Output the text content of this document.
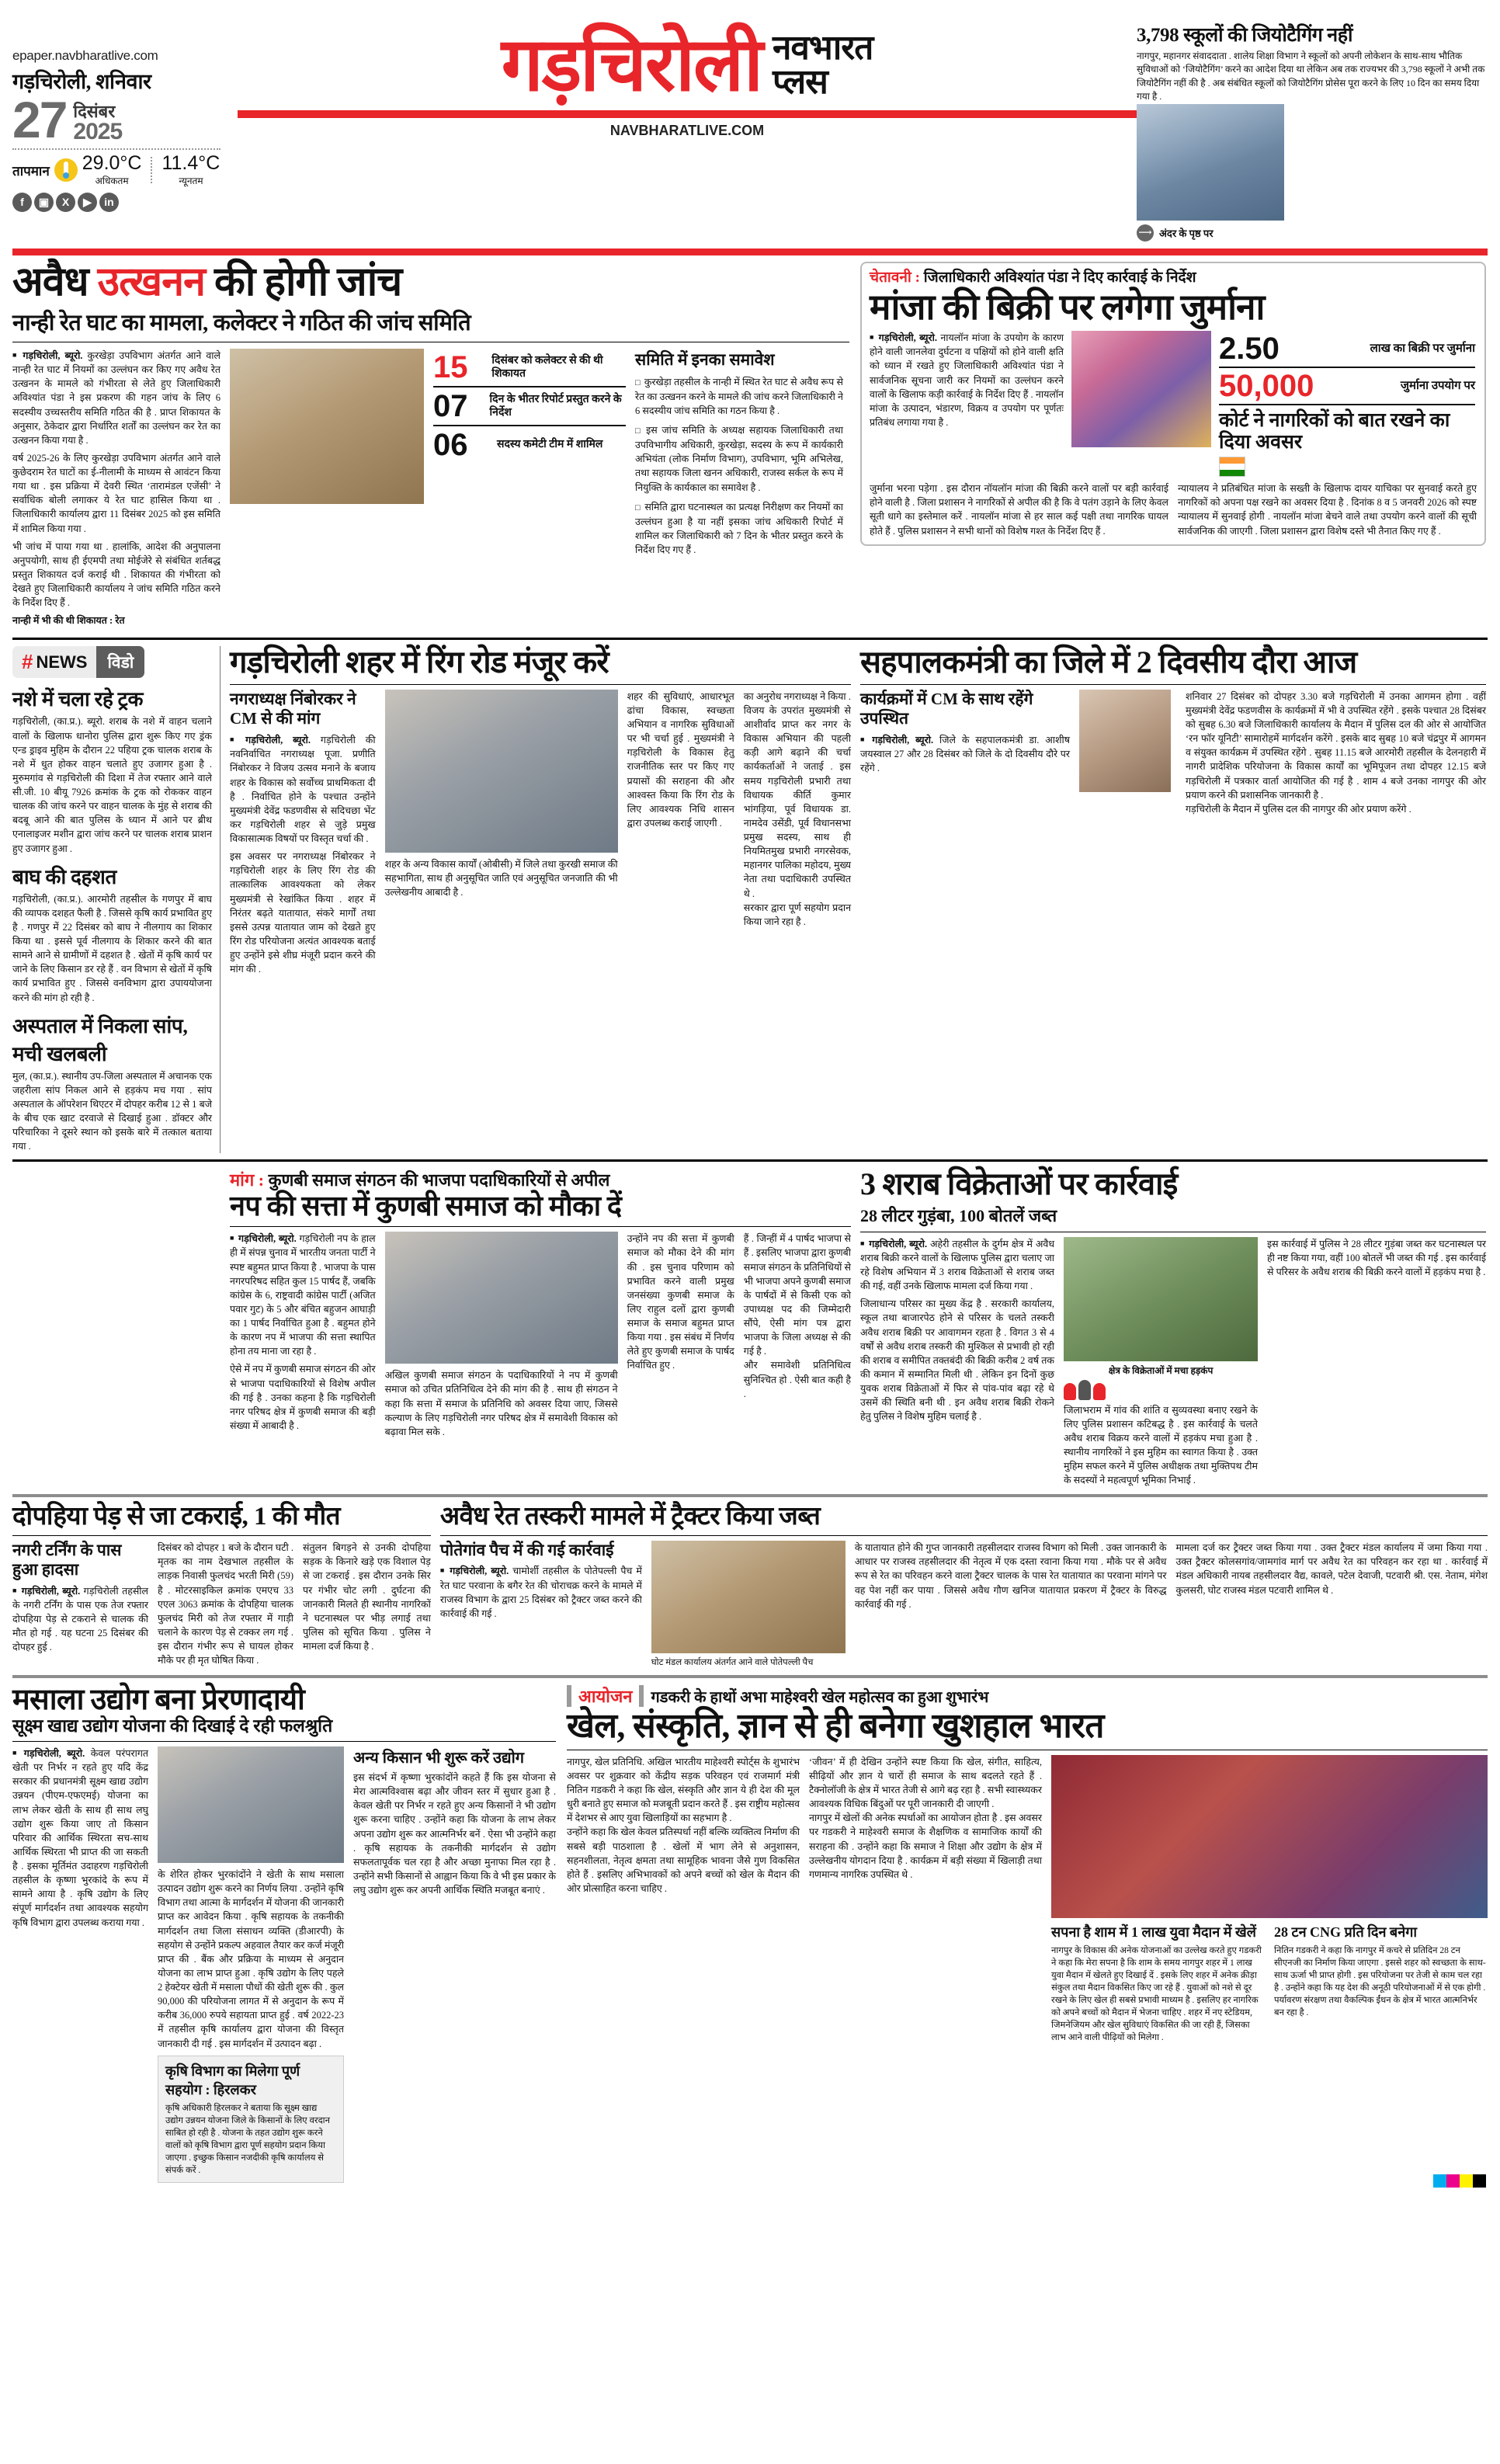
epaper.navbharatlive.com
गड़चिरोली, शनिवार
27 दिसंबर
2025
तापमान 29.0°C
अधिकतम
11.4°C
न्यूनतम
f	▣	X	▶	in
गड़चिरोली नवभारत
प्लस
NAVBHARATLIVE.COM
3,798 स्कूलों की जियोटैगिंग नहीं
नागपुर, महानगर संवाददाता . शालेय शिक्षा विभाग ने स्कूलों को अपनी लोकेशन के साथ-साथ भौतिक सुविधाओं को ‘जियोटैगिंग’ करने का आदेश दिया था लेकिन अब तक राज्यभर की 3,798 स्कूलों ने अभी तक जियोटैगिंग नहीं की है . अब संबंधित स्कूलों को जियोटैगिंग प्रोसेस पूरा करने के लिए 10 दिन का समय दिया गया है .
⟶ अंदर के पृष्ठ पर
अवैध उत्खनन की होगी जांच
नान्ही रेत घाट का मामला, कलेक्टर ने गठित की जांच समिति

■ गड़चिरोली, ब्यूरो. कुरखेड़ा उपविभाग अंतर्गत आने वाले नान्ही रेत घाट में नियमों का उल्लंघन कर किए गए अवैध रेत उत्खनन के मामले को गंभीरता से लेते हुए जिलाधिकारी अविश्यांत पंडा ने इस प्रकरण की गहन जांच के लिए 6 सदस्यीय उच्चस्तरीय समिति गठित की है . प्राप्त शिकायत के अनुसार, ठेकेदार द्वारा निर्धारित शर्तों का उल्लंघन कर रेत का उत्खनन किया गया है .

वर्ष 2025-26 के लिए कुरखेड़ा उपविभाग अंतर्गत आने वाले कुछेदराम रेत घाटों का ई-नीलामी के माध्यम से आवंटन किया गया था . इस प्रक्रिया में देवरी स्थित ‘तारामंडल एजेंसी’ ने सर्वाधिक बोली लगाकर ये रेत घाट हासिल किया था . जिलाधिकारी कार्यालय द्वारा 11 दिसंबर 2025 को इस समिति में शामिल किया गया .

भी जांच में पाया गया था . हालांकि, आदेश की अनुपालना अनुपयोगी, साथ ही ईएमपी तथा मोईजेरे से संबंधित शर्तबद्ध प्रस्तुत शिकायत दर्ज कराई थी . शिकायत की गंभीरता को देखते हुए जिलाधिकारी कार्यालय ने जांच समिति गठित करने के निर्देश दिए हैं .

नान्ही में भी की थी शिकायत : रेत

15	दिसंबर को कलेक्टर से की थी शिकायत
07	दिन के भीतर रिपोर्ट प्रस्तुत करने के निर्देश
06	सदस्य कमेटी टीम में शामिल
समिति में इनका समावेश
□ कुरखेड़ा तहसील के नान्ही में स्थित रेत घाट से अवैध रूप से रेत का उत्खनन करने के मामले की जांच करने जिलाधिकारी ने 6 सदस्यीय जांच समिति का गठन किया है .
□ इस जांच समिति के अध्यक्ष सहायक जिलाधिकारी तथा उपविभागीय अधिकारी, कुरखेड़ा, सदस्य के रूप में कार्यकारी अभियंता (लोक निर्माण विभाग), उपविभाग, भूमि अभिलेख, तथा सहायक जिला खनन अधिकारी, राजस्व सर्कल के रूप में नियुक्ति के कार्यकाल का समावेश है .
□ समिति द्वारा घटनास्थल का प्रत्यक्ष निरीक्षण कर नियमों का उल्लंघन हुआ है या नहीं इसका जांच अधिकारी रिपोर्ट में शामिल कर जिलाधिकारी को 7 दिन के भीतर प्रस्तुत करने के निर्देश दिए गए हैं .
चेतावनी : जिलाधिकारी अविश्यांत पंडा ने दिए कार्रवाई के निर्देश
मांजा की बिक्री पर लगेगा जुर्माना

■ गड़चिरोली, ब्यूरो. नायलॉन मांजा के उपयोग के कारण होने वाली जानलेवा दुर्घटना व पक्षियों को होने वाली क्षति को ध्यान में रखते हुए जिलाधिकारी अविश्यांत पंडा ने सार्वजनिक सूचना जारी कर नियमों का उल्लंघन करने वालों के खिलाफ कड़ी कार्रवाई के निर्देश दिए हैं . नायलॉन मांजा के उत्पादन, भंडारण, विक्रय व उपयोग पर पूर्णतः प्रतिबंध लगाया गया है .

2.50	लाख का बिक्री पर जुर्माना
50,000	जुर्माना उपयोग पर
कोर्ट ने नागरिकों को बात रखने का दिया अवसर
जुर्माना भरना पड़ेगा . इस दौरान नॉयलॉन मांजा की बिक्री करने वालों पर बड़ी कार्रवाई होने वाली है . जिला प्रशासन ने नागरिकों से अपील की है कि वे पतंग उड़ाने के लिए केवल सूती धागे का इस्तेमाल करें . नायलॉन मांजा से हर साल कई पक्षी तथा नागरिक घायल होते हैं . पुलिस प्रशासन ने सभी थानों को विशेष गश्त के निर्देश दिए हैं .
न्यायालय ने प्रतिबंधित मांजा के सख्ती के खिलाफ दायर याचिका पर सुनवाई करते हुए नागरिकों को अपना पक्ष रखने का अवसर दिया है . दिनांक 8 व 5 जनवरी 2026 को स्पष्ट न्यायालय में सुनवाई होगी . नायलॉन मांजा बेचने वाले तथा उपयोग करने वालों की सूची सार्वजनिक की जाएगी . जिला प्रशासन द्वारा विशेष दस्ते भी तैनात किए गए हैं .
# NEWS	विडो
नशे में चला रहे ट्रक
गड़चिरोली, (का.प्र.). ब्यूरो. शराब के नशे में वाहन चलाने वालों के खिलाफ धानोरा पुलिस द्वारा शुरू किए गए ड्रंक एन्ड ड्राइव मुहिम के दौरान 22 पहिया ट्रक चालक शराब के नशे में धुत होकर वाहन चलाते हुए उजागर हुआ है . मुरुमगांव से गड़चिरोली की दिशा में तेज रफ्तार आने वाले सी.जी. 10 बीयू 7926 क्रमांक के ट्रक को रोककर वाहन चालक की जांच करने पर वाहन चालक के मुंह से शराब की बदबू आने की बात पुलिस के ध्यान में आने पर ब्रीथ एनालाइजर मशीन द्वारा जांच करने पर चालक शराब प्राशन हुए उजागर हुआ .
बाघ की दहशत
गड़चिरोली, (का.प्र.). आरमोरी तहसील के गणपुर में बाघ की व्यापक दशहत फैली है . जिससे कृषि कार्य प्रभावित हुए है . गणपुर में 22 दिसंबर को बाघ ने नीलगाय का शिकार किया था . इससे पूर्व नीलगाय के शिकार करने की बात सामने आने से ग्रामीणों में दहशत है . खेतों में कृषि कार्य पर जाने के लिए किसान डर रहे हैं . वन विभाग से खेतों में कृषि कार्य प्रभावित हुए . जिससे वनविभाग द्वारा उपाययोजना करने की मांग हो रही है .
अस्पताल में निकला सांप, मची खलबली
मुल, (का.प्र.). स्थानीय उप-जिला अस्पताल में अचानक एक जहरीला सांप निकल आने से हड़कंप मच गया . सांप अस्पताल के ऑपरेशन थिएटर में दोपहर करीब 12 से 1 बजे के बीच एक खाट दरवाजे से दिखाई हुआ . डॉक्टर और परिचारिका ने दूसरे स्थान को इसके बारे में तत्काल बताया गया .
गड़चिरोली शहर में रिंग रोड मंजूर करें
नगराध्यक्ष निंबोरकर ने CM से की मांग

■ गड़चिरोली, ब्यूरो. गड़चिरोली की नवनिर्वाचित नगराध्यक्ष पूजा. प्रणीति निंबोरकर ने विजय उत्सव मनाने के बजाय शहर के विकास को सर्वोच्च प्राथमिकता दी है . निर्वाचित होने के पश्चात उन्होंने मुख्यमंत्री देवेंद्र फडणवीस से सदिचछा भेंट कर गड़चिरोली शहर से जुड़े प्रमुख विकासात्मक विषयों पर विस्तृत चर्चा की .

इस अवसर पर नगराध्यक्ष निंबोरकर ने गड़चिरोली शहर के लिए रिंग रोड की तात्कालिक आवश्यकता को लेकर मुख्यमंत्री से रेखांकित किया . शहर में निरंतर बढ़ते यातायात, संकरे मार्गों तथा इससे उत्पन्न यातायात जाम को देखते हुए रिंग रोड परियोजना अत्यंत आवश्यक बताई हुए उन्होंने इसे शीघ्र मंजूरी प्रदान करने की मांग की .

शहर के अन्य विकास कार्यों (ओबीसी) में जिले तथा कुरखी समाज की सहभागिता, साथ ही अनुसूचित जाति एवं अनुसूचित जनजाति की भी उल्लेखनीय आबादी है .
शहर की सुविधाएं, आधारभूत ढांचा विकास, स्वच्छता अभियान व नागरिक सुविधाओं पर भी चर्चा हुई . मुख्यमंत्री ने गड़चिरोली के विकास हेतु राजनीतिक स्तर पर किए गए प्रयासों की सराहना की और आश्वस्त किया कि रिंग रोड के लिए आवश्यक निधि शासन द्वारा उपलब्ध कराई जाएगी .
का अनुरोध नगराध्यक्ष ने किया . विजय के उपरांत मुख्यमंत्री से आशीर्वाद प्राप्त कर नगर के विकास अभियान की पहली कड़ी आगे बढ़ाने की चर्चा कार्यकर्ताओं ने जताई . इस समय गड़चिरोली प्रभारी तथा विधायक कीर्ति कुमार भांगड़िया, पूर्व विधायक डा. नामदेव उसेंडी, पूर्व विधानसभा प्रमुख सदस्य, साथ ही नियमितमुख प्रभारी नगरसेवक, महानगर पालिका महोदय, मुख्य नेता तथा पदाधिकारी उपस्थित थे .
सरकार द्वारा पूर्ण सहयोग प्रदान किया जाने रहा है .
सहपालकमंत्री का जिले में 2 दिवसीय दौरा आज
कार्यक्रमों में CM के साथ रहेंगे उपस्थित

■ गड़चिरोली, ब्यूरो. जिले के सहपालकमंत्री डा. आशीष जयस्वाल 27 और 28 दिसंबर को जिले के दो दिवसीय दौरे पर रहेंगे .

शनिवार 27 दिसंबर को दोपहर 3.30 बजे गड़चिरोली में उनका आगमन होगा . वहीं मुख्यमंत्री देवेंद्र फडणवीस के कार्यक्रमों में भी वे उपस्थित रहेंगे . इसके पश्चात 28 दिसंबर को सुबह 6.30 बजे जिलाधिकारी कार्यालय के मैदान में पुलिस दल की ओर से आयोजित ‘रन फॉर यूनिटी’ सामारोहमें मार्गदर्शन करेंगे . इसके बाद सुबह 10 बजे चंद्रपुर में आगमन व संयुक्त कार्यक्रम में उपस्थित रहेंगे . सुबह 11.15 बजे आरमोरी तहसील के देलनहारी में नागरी प्रादेशिक परियोजना के विकास कार्यों का भूमिपूजन तथा दोपहर 12.15 बजे गड़चिरोली में पत्रकार वार्ता आयोजित की गई है . शाम 4 बजे उनका नागपुर की ओर प्रयाण करने की प्रशासनिक जानकारी है .
गड़चिरोली के मैदान में पुलिस दल की नागपुर की ओर प्रयाण करेंगे .
मांग : कुणबी समाज संगठन की भाजपा पदाधिकारियों से अपील
नप की सत्ता में कुणबी समाज को मौका दें

■ गड़चिरोली, ब्यूरो. गड़चिरोली नप के हाल ही में संपन्न चुनाव में भारतीय जनता पार्टी ने स्पष्ट बहुमत प्राप्त किया है . भाजपा के पास नगरपरिषद सहित कुल 15 पार्षद हैं, जबकि कांग्रेस के 6, राष्ट्रवादी कांग्रेस पार्टी (अजित पवार गुट) के 5 और बंचित बहुजन आघाड़ी का 1 पार्षद निर्वाचित हुआ है . बहुमत होने के कारण नप में भाजपा की सत्ता स्थापित होना तय माना जा रहा है .

ऐसे में नप में कुणबी समाज संगठन की ओर से भाजपा पदाधिकारियों से विशेष अपील की गई है . उनका कहना है कि गड़चिरोली नगर परिषद क्षेत्र में कुणबी समाज की बड़ी संख्या में आबादी है .

अखिल कुणबी समाज संगठन के पदाधिकारियों ने नप में कुणबी समाज को उचित प्रतिनिधित्व देने की मांग की है . साथ ही संगठन ने कहा कि सत्ता में समाज के प्रतिनिधि को अवसर दिया जाए, जिससे कल्याण के लिए गड़चिरोली नगर परिषद क्षेत्र में समावेशी विकास को बढ़ावा मिल सके .
उन्होंने नप की सत्ता में कुणबी समाज को मौका देने की मांग की . इस चुनाव परिणाम को प्रभावित करने वाली प्रमुख जनसंख्या कुणबी समाज के लिए राहुल दलों द्वारा कुणबी समाज के समाज बहुमत प्राप्त किया गया . इस संबंध में निर्णय लेते हुए कुणबी समाज के पार्षद निर्वाचित हुए .
हैं . जिन्हीं में 4 पार्षद भाजपा से हैं . इसलिए भाजपा द्वारा कुणबी समाज संगठन के प्रतिनिधियों से भी भाजपा अपने कुणबी समाज के पार्षदों में से किसी एक को उपाध्यक्ष पद की जिम्मेदारी सौंपे, ऐसी मांग पत्र द्वारा भाजपा के जिला अध्यक्ष से की गई है .
और समावेशी प्रतिनिधित्व सुनिश्चित हो . ऐसी बात कही है .
3 शराब विक्रेताओं पर कार्रवाई
28 लीटर गुड़ंबा, 100 बोतलें जब्त

■ गड़चिरोली, ब्यूरो. अहेरी तहसील के दुर्गम क्षेत्र में अवैध शराब बिक्री करने वालों के खिलाफ पुलिस द्वारा चलाए जा रहे विशेष अभियान में 3 शराब विक्रेताओं से शराब जब्त की गई, वहीं उनके खिलाफ मामला दर्ज किया गया .

जिलाधान्य परिसर का मुख्य केंद्र है . सरकारी कार्यालय, स्कूल तथा बाजारपेठ होने से परिसर के चलते तस्करी अवैध शराब बिक्री पर आवागमन रहता है . विगत 3 से 4 वर्षों से अवैध शराब तस्करी की मुश्किल से प्रभावी हो रही की शराब व समीपित तक्तबंदी की बिक्री करीब 2 वर्ष तक की कमान में सम्मानित मिली थी . लेकिन इन दिनों कुछ युवक शराब विक्रेताओं में फिर से पांव-पांव बढ़ा रहे थे उसमें की स्थिति बनी थी . इन अवैध शराब बिक्री रोकने हेतु पुलिस ने विशेष मुहिम चलाई है .

क्षेत्र के विक्रेताओं में मचा हड़कंप
जिलाभराम में गांव की शांति व सुव्यवस्था बनाए रखने के लिए पुलिस प्रशासन कटिबद्ध है . इस कार्रवाई के चलते अवैध शराब विक्रय करने वालों में हड़कंप मचा हुआ है . स्थानीय नागरिकों ने इस मुहिम का स्वागत किया है . उक्त मुहिम सफल करने में पुलिस अधीक्षक तथा मुक्तिपथ टीम के सदस्यों ने महत्वपूर्ण भूमिका निभाई .
इस कार्रवाई में पुलिस ने 28 लीटर गुड़ंबा जब्त कर घटनास्थल पर ही नष्ट किया गया, वहीं 100 बोतलें भी जब्त की गई . इस कार्रवाई से परिसर के अवैध शराब की बिक्री करने वालों में हड़कंप मचा है .
दोपहिया पेड़ से जा टकराई, 1 की मौत
नगरी टर्निंग के पास हुआ हादसा

■ गड़चिरोली, ब्यूरो. गड़चिरोली तहसील के नगरी टर्निंग के पास एक तेज रफ्तार दोपहिया पेड़ से टकराने से चालक की मौत हो गई . यह घटना 25 दिसंबर की दोपहर हुई .

दिसंबर को दोपहर 1 बजे के दौरान घटी . मृतक का नाम देखभाल तहसील के लाड़क निवासी फुलचंद भरती मिरी (59) है . मोटरसाइकिल क्रमांक एमएच 33 एएल 3063 क्रमांक के दोपहिया चालक फुलचंद मिरी को तेज रफ्तार में गाड़ी चलाने के कारण पेड़ से टक्कर लग गई . इस दौरान गंभीर रूप से घायल होकर मौके पर ही मृत घोषित किया .
संतुलन बिगड़ने से उनकी दोपहिया सड़क के किनारे खड़े एक विशाल पेड़ से जा टकराई . इस दौरान उनके सिर पर गंभीर चोट लगी . दुर्घटना की जानकारी मिलते ही स्थानीय नागरिकों ने घटनास्थल पर भीड़ लगाई तथा पुलिस को सूचित किया . पुलिस ने मामला दर्ज किया है .
अवैध रेत तस्करी मामले में ट्रैक्टर किया जब्त
पोतेगांव पैच में की गई कार्रवाई

■ गड़चिरोली, ब्यूरो. चामोर्शी तहसील के पोतेपल्ली पैच में रेत घाट परवाना के बगैर रेत की चोराचक्र करने के मामले में राजस्व विभाग के द्वारा 25 दिसंबर को ट्रैक्टर जब्त करने की कार्रवाई की गई .

घोट मंडल कार्यालय अंतर्गत आने वाले पोतेपल्ली पैच
के यातायात होने की गुप्त जानकारी तहसीलदार राजस्व विभाग को मिली . उक्त जानकारी के आधार पर राजस्व तहसीलदार की नेतृत्व में एक दस्ता रवाना किया गया . मौके पर से अवैध रूप से रेत का परिवहन करने वाला ट्रैक्टर चालक के पास रेत यातायात का परवाना मांगने पर वह पेश नहीं कर पाया . जिससे अवैध गौण खनिज यातायात प्रकरण में ट्रैक्टर के विरुद्ध कार्रवाई की गई .
मामला दर्ज कर ट्रैक्टर जब्त किया गया . उक्त ट्रैक्टर मंडल कार्यालय में जमा किया गया . उक्त ट्रैक्टर कोलसगांव/जामगांव मार्ग पर अवैध रेत का परिवहन कर रहा था . कार्रवाई में मंडल अधिकारी नायब तहसीलदार वैद्य, कावले, पटेल देवाजी, पटवारी श्री. एस. नेताम, मंगेश कुलसरी, घोट राजस्व मंडल पटवारी शामिल थे .
मसाला उद्योग बना प्रेरणादायी
सूक्ष्म खाद्य उद्योग योजना की दिखाई दे रही फलश्रुति

■ गड़चिरोली, ब्यूरो. केवल परंपरागत खेती पर निर्भर न रहते हुए यदि केंद्र सरकार की प्रधानमंत्री सूक्ष्म खाद्य उद्योग उन्नयन (पीएम-एफएमई) योजना का लाभ लेकर खेती के साथ ही साथ लघु उद्योग शुरू किया जाए तो किसान परिवार की आर्थिक स्थिरता सच-साथ आर्थिक स्थिरता भी प्राप्त की जा सकती है . इसका मूर्तिमंत उदाहरण गड़चिरोली तहसील के कृष्णा भुरकांदे के रूप में सामने आया है . कृषि उद्योग के लिए संपूर्ण मार्गदर्शन तथा आवश्यक सहयोग कृषि विभाग द्वारा उपलब्ध कराया गया .

के शेरित होकर भुरकांदोंने ने खेती के साथ मसाला उत्पादन उद्योग शुरू करने का निर्णय लिया . उन्होंने कृषि विभाग तथा आत्मा के मार्गदर्शन में योजना की जानकारी प्राप्त कर आवेदन किया . कृषि सहायक के तकनीकी मार्गदर्शन तथा जिला संसाधन व्यक्ति (डीआरपी) के सहयोग से उन्होंने प्रकल्प अहवाल तैयार कर कर्ज मंजूरी प्राप्त की . बैंक और प्रक्रिया के माध्यम से अनुदान योजना का लाभ प्राप्त हुआ . कृषि उद्योग के लिए पहले 2 हेक्टेयर खेती में मसाला पौधों की खेती शुरू की . कुल 90,000 की परियोजना लागत में से अनुदान के रूप में करीब 36,000 रुपये सहायता प्राप्त हुई . वर्ष 2022-23 में तहसील कृषि कार्यालय द्वारा योजना की विस्तृत जानकारी दी गई . इस मार्गदर्शन में उत्पादन बढ़ा .
कृषि विभाग का मिलेगा पूर्ण सहयोग : हिरलकर
कृषि अधिकारी हिरलकर ने बताया कि सूक्ष्म खाद्य उद्योग उन्नयन योजना जिले के किसानों के लिए वरदान साबित हो रही है . योजना के तहत उद्योग शुरू करने वालों को कृषि विभाग द्वारा पूर्ण सहयोग प्रदान किया जाएगा . इच्छुक किसान नजदीकी कृषि कार्यालय से संपर्क करें .
अन्य किसान भी शुरू करें उद्योग
इस संदर्भ में कृष्णा भुरकांदोंने कहते हैं कि इस योजना से मेरा आत्मविश्वास बढ़ा और जीवन स्तर में सुधार हुआ है . केवल खेती पर निर्भर न रहते हुए अन्य किसानों ने भी उद्योग शुरू करना चाहिए . उन्होंने कहा कि योजना के लाभ लेकर अपना उद्योग शुरू कर आत्मनिर्भर बनें . ऐसा भी उन्होंने कहा . कृषि सहायक के तकनीकी मार्गदर्शन से उद्योग सफलतापूर्वक चल रहा है और अच्छा मुनाफा मिल रहा है . उन्होंने सभी किसानों से आह्वान किया कि वे भी इस प्रकार के लघु उद्योग शुरू कर अपनी आर्थिक स्थिति मजबूत बनाएं .
आयोजन गडकरी के हाथों अभा माहेश्वरी खेल महोत्सव का हुआ शुभारंभ
खेल, संस्कृति, ज्ञान से ही बनेगा खुशहाल भारत
नागपुर, खेल प्रतिनिधि. अखिल भारतीय माहेश्वरी स्पोर्ट्स के शुभारंभ अवसर पर शुक्रवार को केंद्रीय सड़क परिवहन एवं राजमार्ग मंत्री नितिन गडकरी ने कहा कि खेल, संस्कृति और ज्ञान ये ही देश की मूल धुरी बनाते हुए समाज को मजबूती प्रदान करते हैं . इस राष्ट्रीय महोत्सव में देशभर से आए युवा खिलाड़ियों का सहभाग है .
उन्होंने कहा कि खेल केवल प्रतिस्पर्धा नहीं बल्कि व्यक्तित्व निर्माण की सबसे बड़ी पाठशाला है . खेलों में भाग लेने से अनुशासन, सहनशीलता, नेतृत्व क्षमता तथा सामूहिक भावना जैसे गुण विकसित होते हैं . इसलिए अभिभावकों को अपने बच्चों को खेल के मैदान की ओर प्रोत्साहित करना चाहिए .
‘जीवन’ में ही देखिन उन्होंने स्पष्ट किया कि खेल, संगीत, साहित्य, सीढ़ियों और ज्ञान ये चारों ही समाज के साथ बदलते रहते हैं . टैक्नोलॉजी के क्षेत्र में भारत तेजी से आगे बढ़ रहा है . सभी स्वास्थ्यकर आवश्यक विधिक बिंदुओं पर पूरी जानकारी दी जाएगी .
नागपुर में खेलों की अनेक स्पर्धाओं का आयोजन होता है . इस अवसर पर गडकरी ने माहेश्वरी समाज के शैक्षणिक व सामाजिक कार्यों की सराहना की . उन्होंने कहा कि समाज ने शिक्षा और उद्योग के क्षेत्र में उल्लेखनीय योगदान दिया है . कार्यक्रम में बड़ी संख्या में खिलाड़ी तथा गणमान्य नागरिक उपस्थित थे .
सपना है शाम में 1 लाख युवा मैदान में खेलें
नागपुर के विकास की अनेक योजनाओं का उल्लेख करते हुए गडकरी ने कहा कि मेरा सपना है कि शाम के समय नागपुर शहर में 1 लाख युवा मैदान में खेलते हुए दिखाई दें . इसके लिए शहर में अनेक क्रीड़ा संकुल तथा मैदान विकसित किए जा रहे हैं . युवाओं को नशे से दूर रखने के लिए खेल ही सबसे प्रभावी माध्यम है . इसलिए हर नागरिक को अपने बच्चों को मैदान में भेजना चाहिए . शहर में नए स्टेडियम, जिमनेजियम और खेल सुविधाएं विकसित की जा रही हैं, जिसका लाभ आने वाली पीढ़ियों को मिलेगा .
28 टन CNG प्रति दिन बनेगा
नितिन गडकरी ने कहा कि नागपुर में कचरे से प्रतिदिन 28 टन सीएनजी का निर्माण किया जाएगा . इससे शहर को स्वच्छता के साथ-साथ ऊर्जा भी प्राप्त होगी . इस परियोजना पर तेजी से काम चल रहा है . उन्होंने कहा कि यह देश की अनूठी परियोजनाओं में से एक होगी . पर्यावरण संरक्षण तथा वैकल्पिक ईंधन के क्षेत्र में भारत आत्मनिर्भर बन रहा है .
